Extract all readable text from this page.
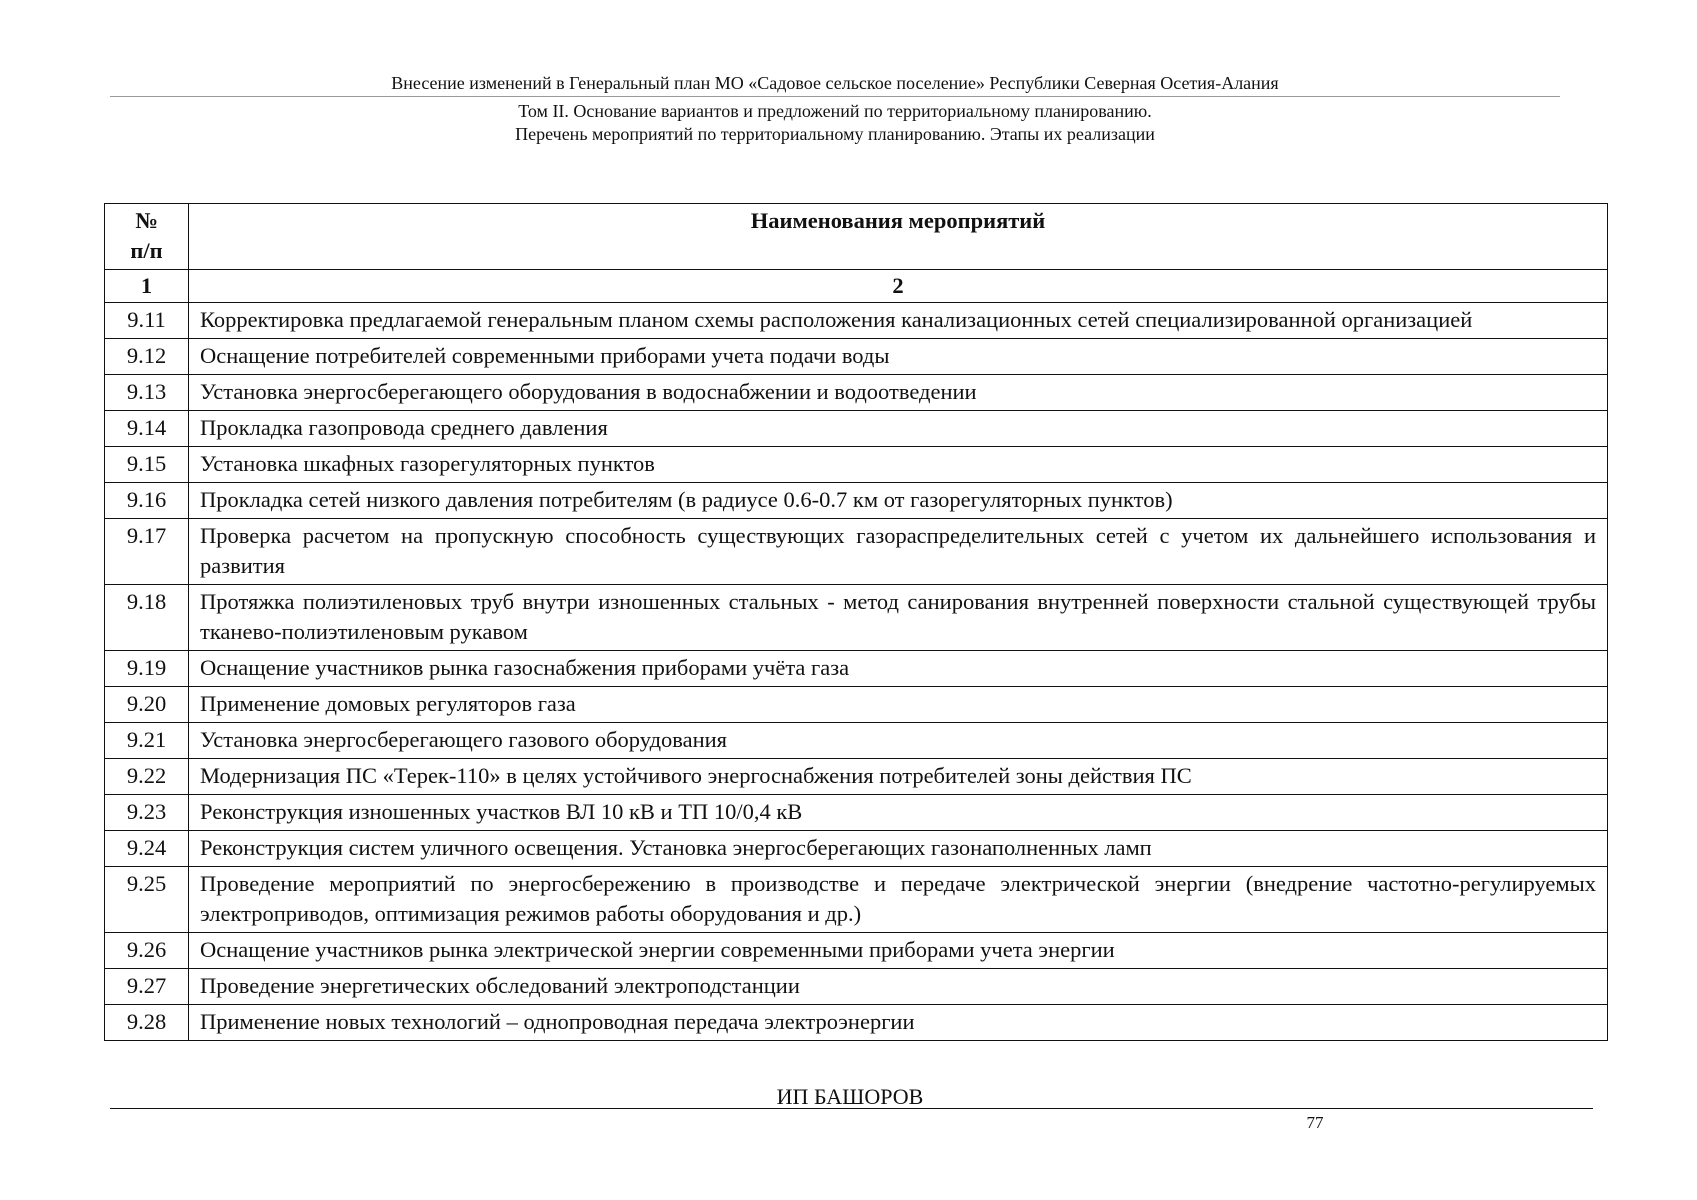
Внесение изменений в Генеральный план МО «Садовое сельское поселение» Республики Северная Осетия-Алания
Том II. Основание вариантов и предложений по территориальному планированию.
Перечень мероприятий по территориальному планированию. Этапы их реализации
№
п/п	Наименования мероприятий
1	2
9.11	Корректировка предлагаемой генеральным планом схемы расположения канализационных сетей специализированной организацией
9.12	Оснащение потребителей современными приборами учета подачи воды
9.13	Установка энергосберегающего оборудования в водоснабжении и водоотведении
9.14	Прокладка газопровода среднего давления
9.15	Установка шкафных газорегуляторных пунктов
9.16	Прокладка сетей низкого давления потребителям (в радиусе 0.6-0.7 км от газорегуляторных пунктов)
9.17	Проверка расчетом на пропускную способность существующих газораспределительных сетей с учетом их дальнейшего использования и развития
9.18	Протяжка полиэтиленовых труб внутри изношенных стальных - метод санирования внутренней поверхности стальной существующей трубы тканево-полиэтиленовым рукавом
9.19	Оснащение участников рынка газоснабжения приборами учёта газа
9.20	Применение домовых регуляторов газа
9.21	Установка энергосберегающего газового оборудования
9.22	Модернизация ПС «Терек-110» в целях устойчивого энергоснабжения потребителей зоны действия ПС
9.23	Реконструкция изношенных участков ВЛ 10 кВ и ТП 10/0,4 кВ
9.24	Реконструкция систем уличного освещения. Установка энергосберегающих газонаполненных ламп
9.25	Проведение мероприятий по энергосбережению в производстве и передаче электрической энергии (внедрение частотно-регулируемых электроприводов, оптимизация режимов работы оборудования и др.)
9.26	Оснащение участников рынка электрической энергии современными приборами учета энергии
9.27	Проведение энергетических обследований электроподстанции
9.28	Применение новых технологий – однопроводная передача электроэнергии
ИП БАШОРОВ
77
